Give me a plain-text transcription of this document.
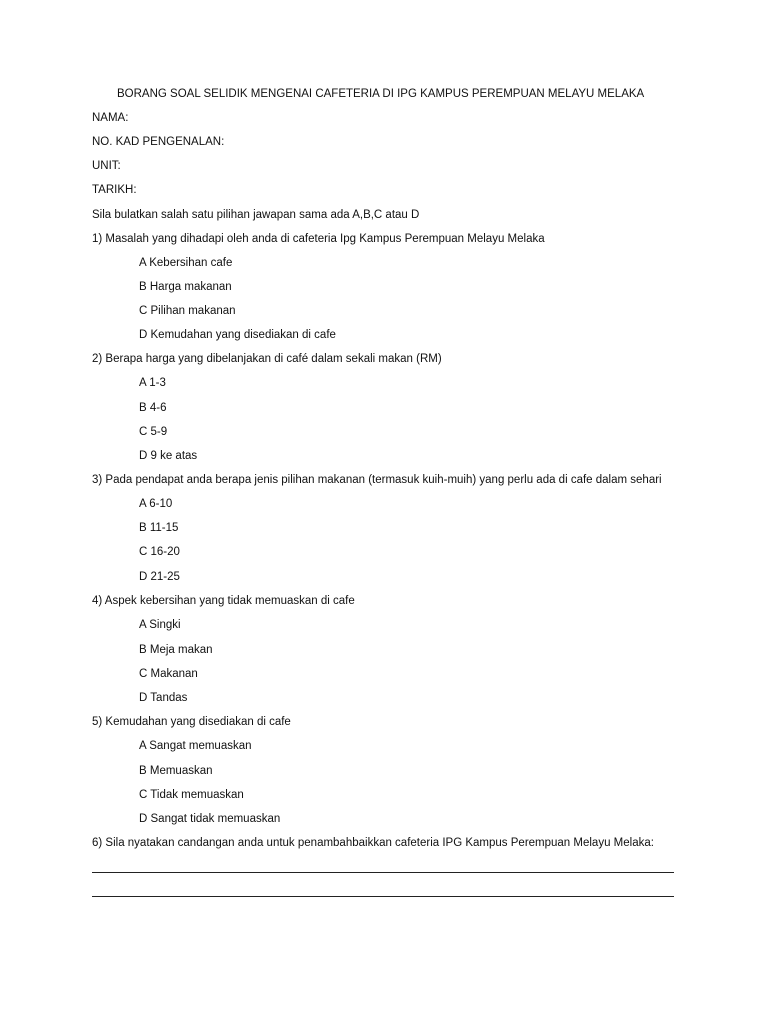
BORANG SOAL SELIDIK MENGENAI CAFETERIA DI IPG KAMPUS PEREMPUAN MELAYU MELAKA
NAMA:
NO. KAD PENGENALAN:
UNIT:
TARIKH:
Sila bulatkan salah satu pilihan jawapan sama ada A,B,C atau D
1) Masalah yang dihadapi oleh anda di cafeteria Ipg Kampus Perempuan Melayu Melaka
A Kebersihan cafe
B Harga makanan
C Pilihan makanan
D Kemudahan yang disediakan di cafe
2) Berapa harga yang dibelanjakan di café dalam sekali makan (RM)
A 1-3
B 4-6
C 5-9
D 9 ke atas
3) Pada pendapat anda berapa jenis pilihan makanan (termasuk kuih-muih) yang perlu ada di cafe dalam sehari
A 6-10
B 11-15
C 16-20
D 21-25
4) Aspek kebersihan yang tidak memuaskan di cafe
A Singki
B Meja makan
C Makanan
D Tandas
5) Kemudahan yang disediakan di cafe
A Sangat memuaskan
B Memuaskan
C Tidak memuaskan
D Sangat tidak memuaskan
6) Sila nyatakan candangan anda untuk penambahbaikkan cafeteria IPG Kampus Perempuan Melayu Melaka:
